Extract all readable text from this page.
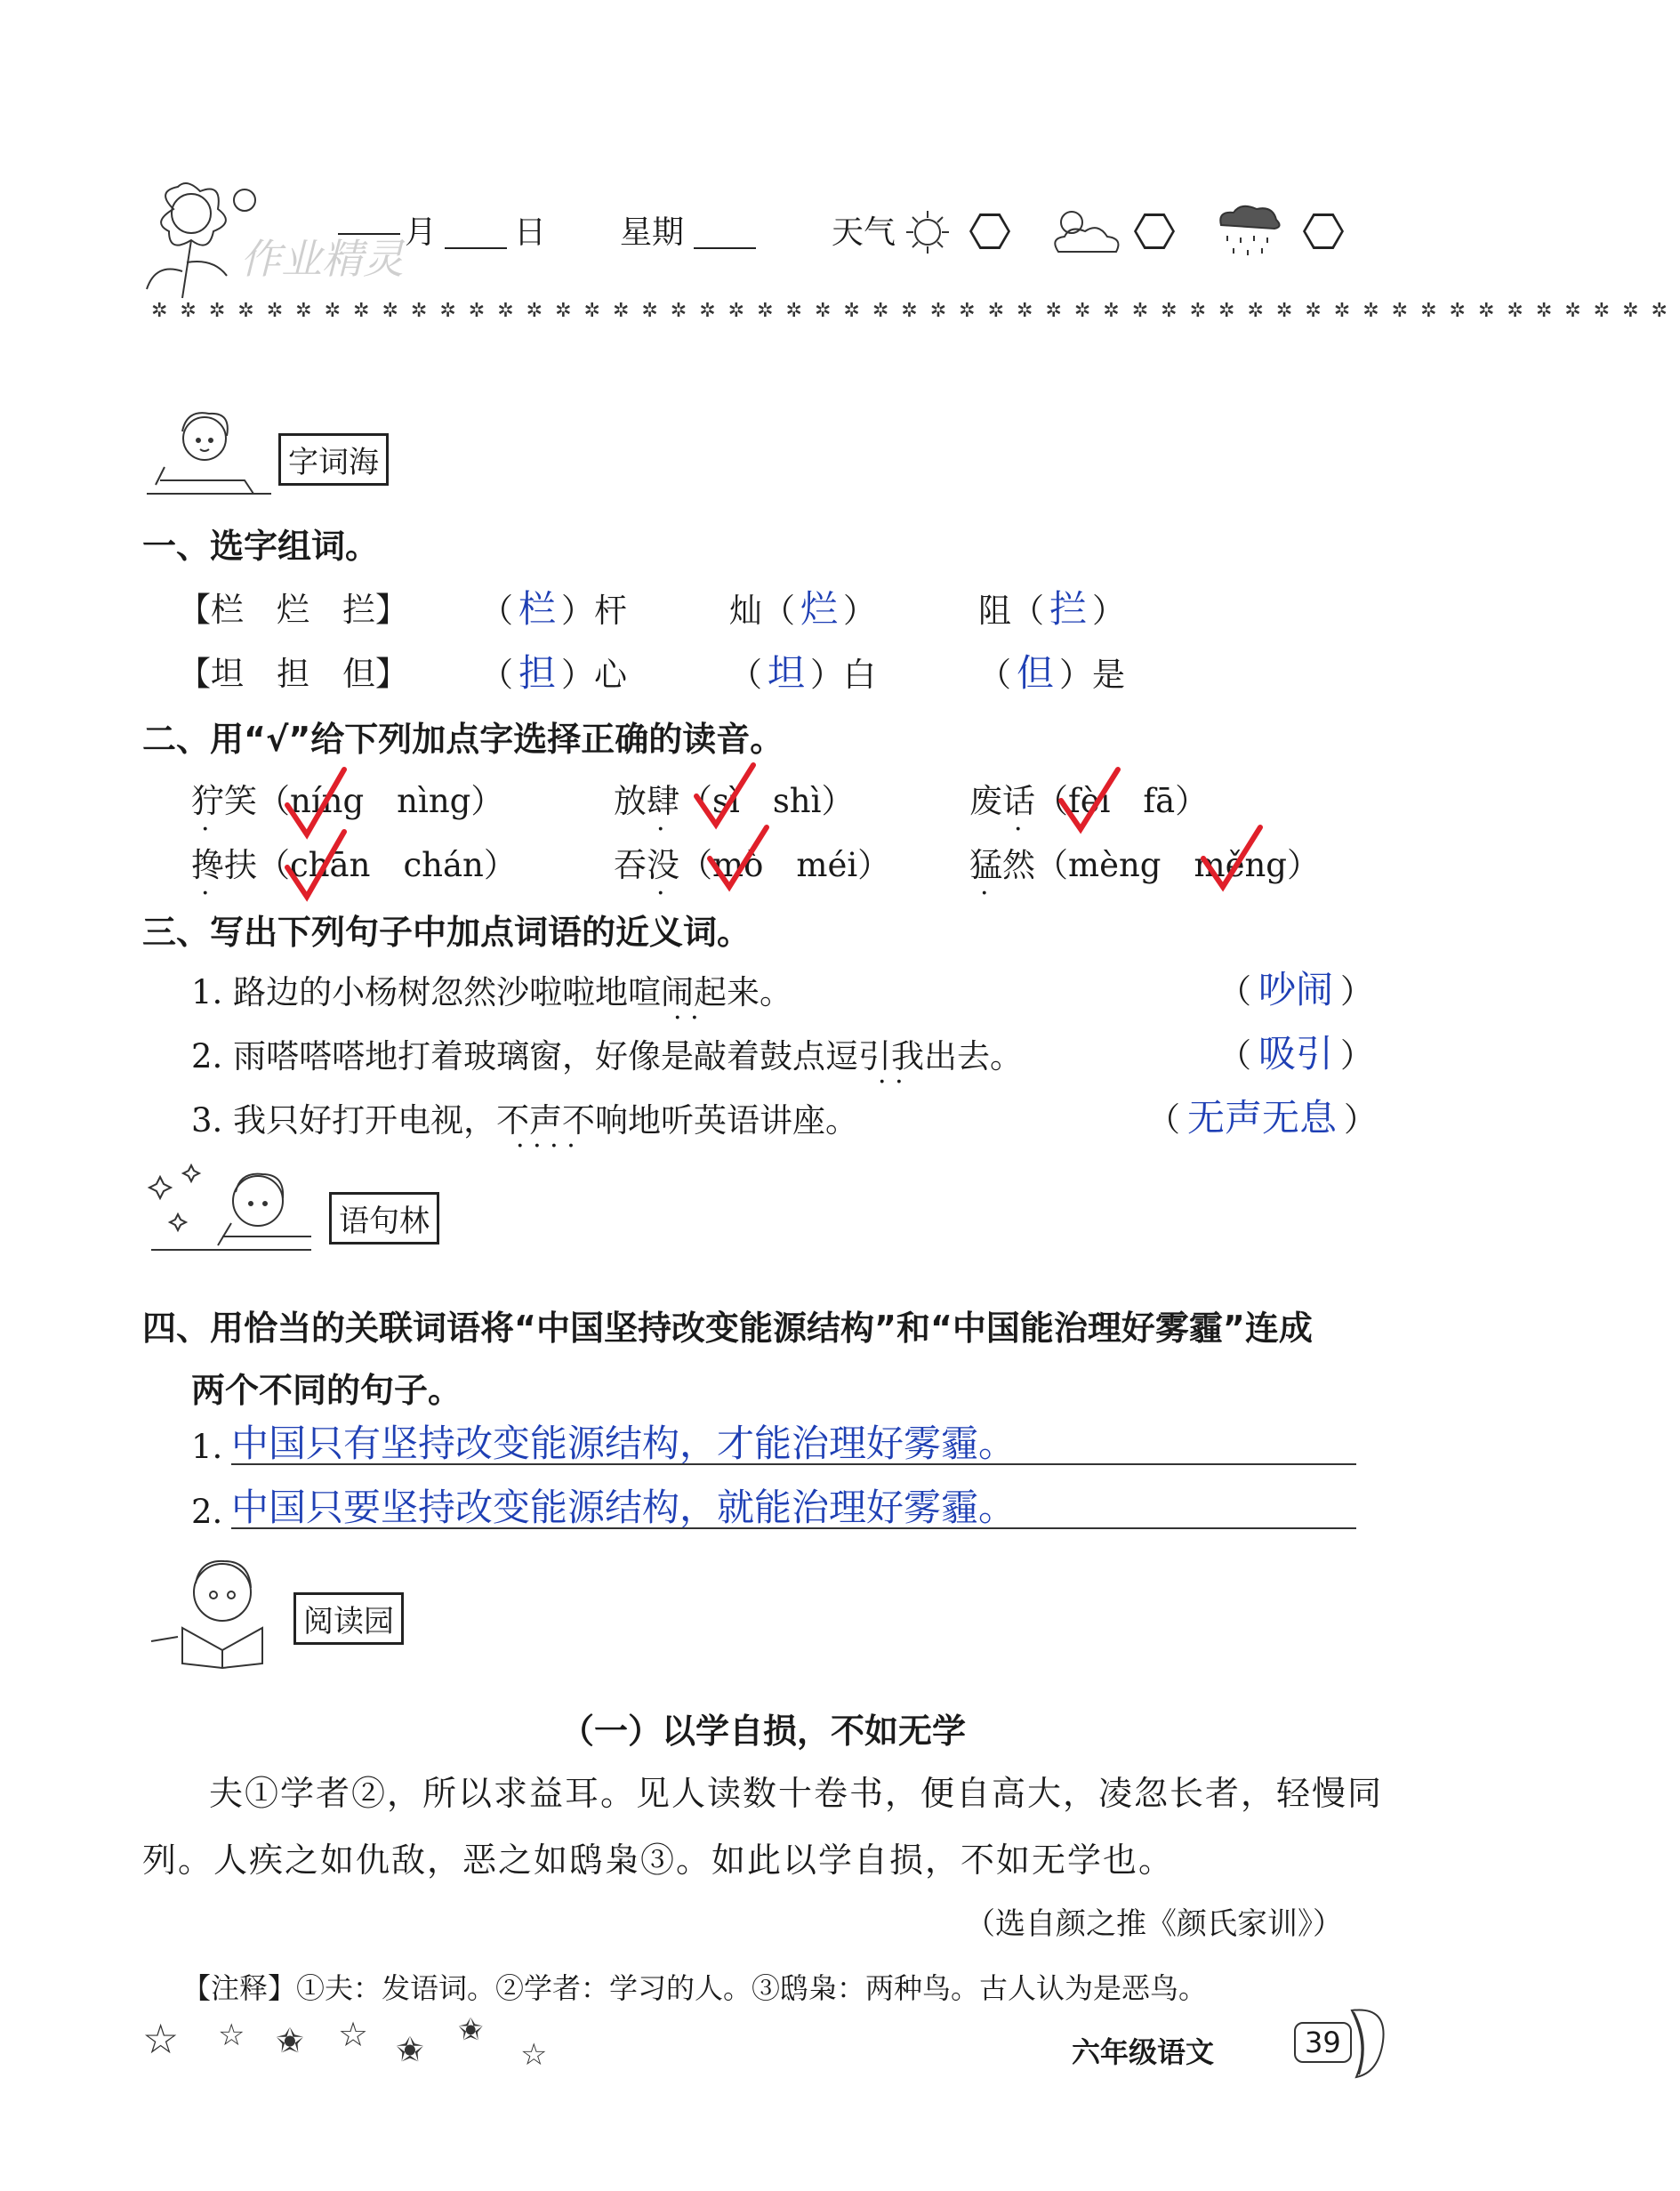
作业精灵
月 日 星期	天气
✲✲✲✲✲✲✲✲✲✲✲✲✲✲✲✲✲✲✲✲✲✲✲✲✲✲✲✲✲✲✲✲✲✲✲✲✲✲✲✲✲✲✲✲✲✲✲✲✲✲✲✲✲
字词海
一、选字组词。
【栏　烂　拦】 （ 栏 ）杆	灿（ 烂 ）	阻（ 拦 ）
【坦　担　但】 （ 担 ）心	（ 坦 ）白	（ 但 ）是
二、用“√”给下列加点字选择正确的读音。
狞笑（níng　nìng）	放肆（sì　shì）	废话（fèi　fā）
搀扶（chān　chán）	吞没（mò　méi） 猛然（mèng　měng）
·	·	·
·	·	·
三、写出下列句子中加点词语的近义词。
1. 路边的小杨树忽然沙啦啦地喧闹起来。	（ 吵闹 ）
2. 雨嗒嗒嗒地打着玻璃窗，好像是敲着鼓点逗引我出去。	（ 吸引 ）
3. 我只好打开电视，不声不响地听英语讲座。	（ 无声无息 ）
· ·
· ·
· · · ·
语句林
四、用恰当的关联词语将“中国坚持改变能源结构”和“中国能治理好雾霾”连成
两个不同的句子。
1. 中国只有坚持改变能源结构，才能治理好雾霾。
2. 中国只要坚持改变能源结构，就能治理好雾霾。
阅读园
（一）以学自损，不如无学
夫①学者②，所以求益耳。见人读数十卷书，便自高大，凌忽长者，轻慢同
列。人疾之如仇敌，恶之如鸱枭③。如此以学自损，不如无学也。
（选自颜之推《颜氏家训》）
【注释】①夫：发语词。②学者：学习的人。③鸱枭：两种鸟。古人认为是恶鸟。
☆ ☆ ✬ ☆ ✬ ✬
☆	六年级语文	39
